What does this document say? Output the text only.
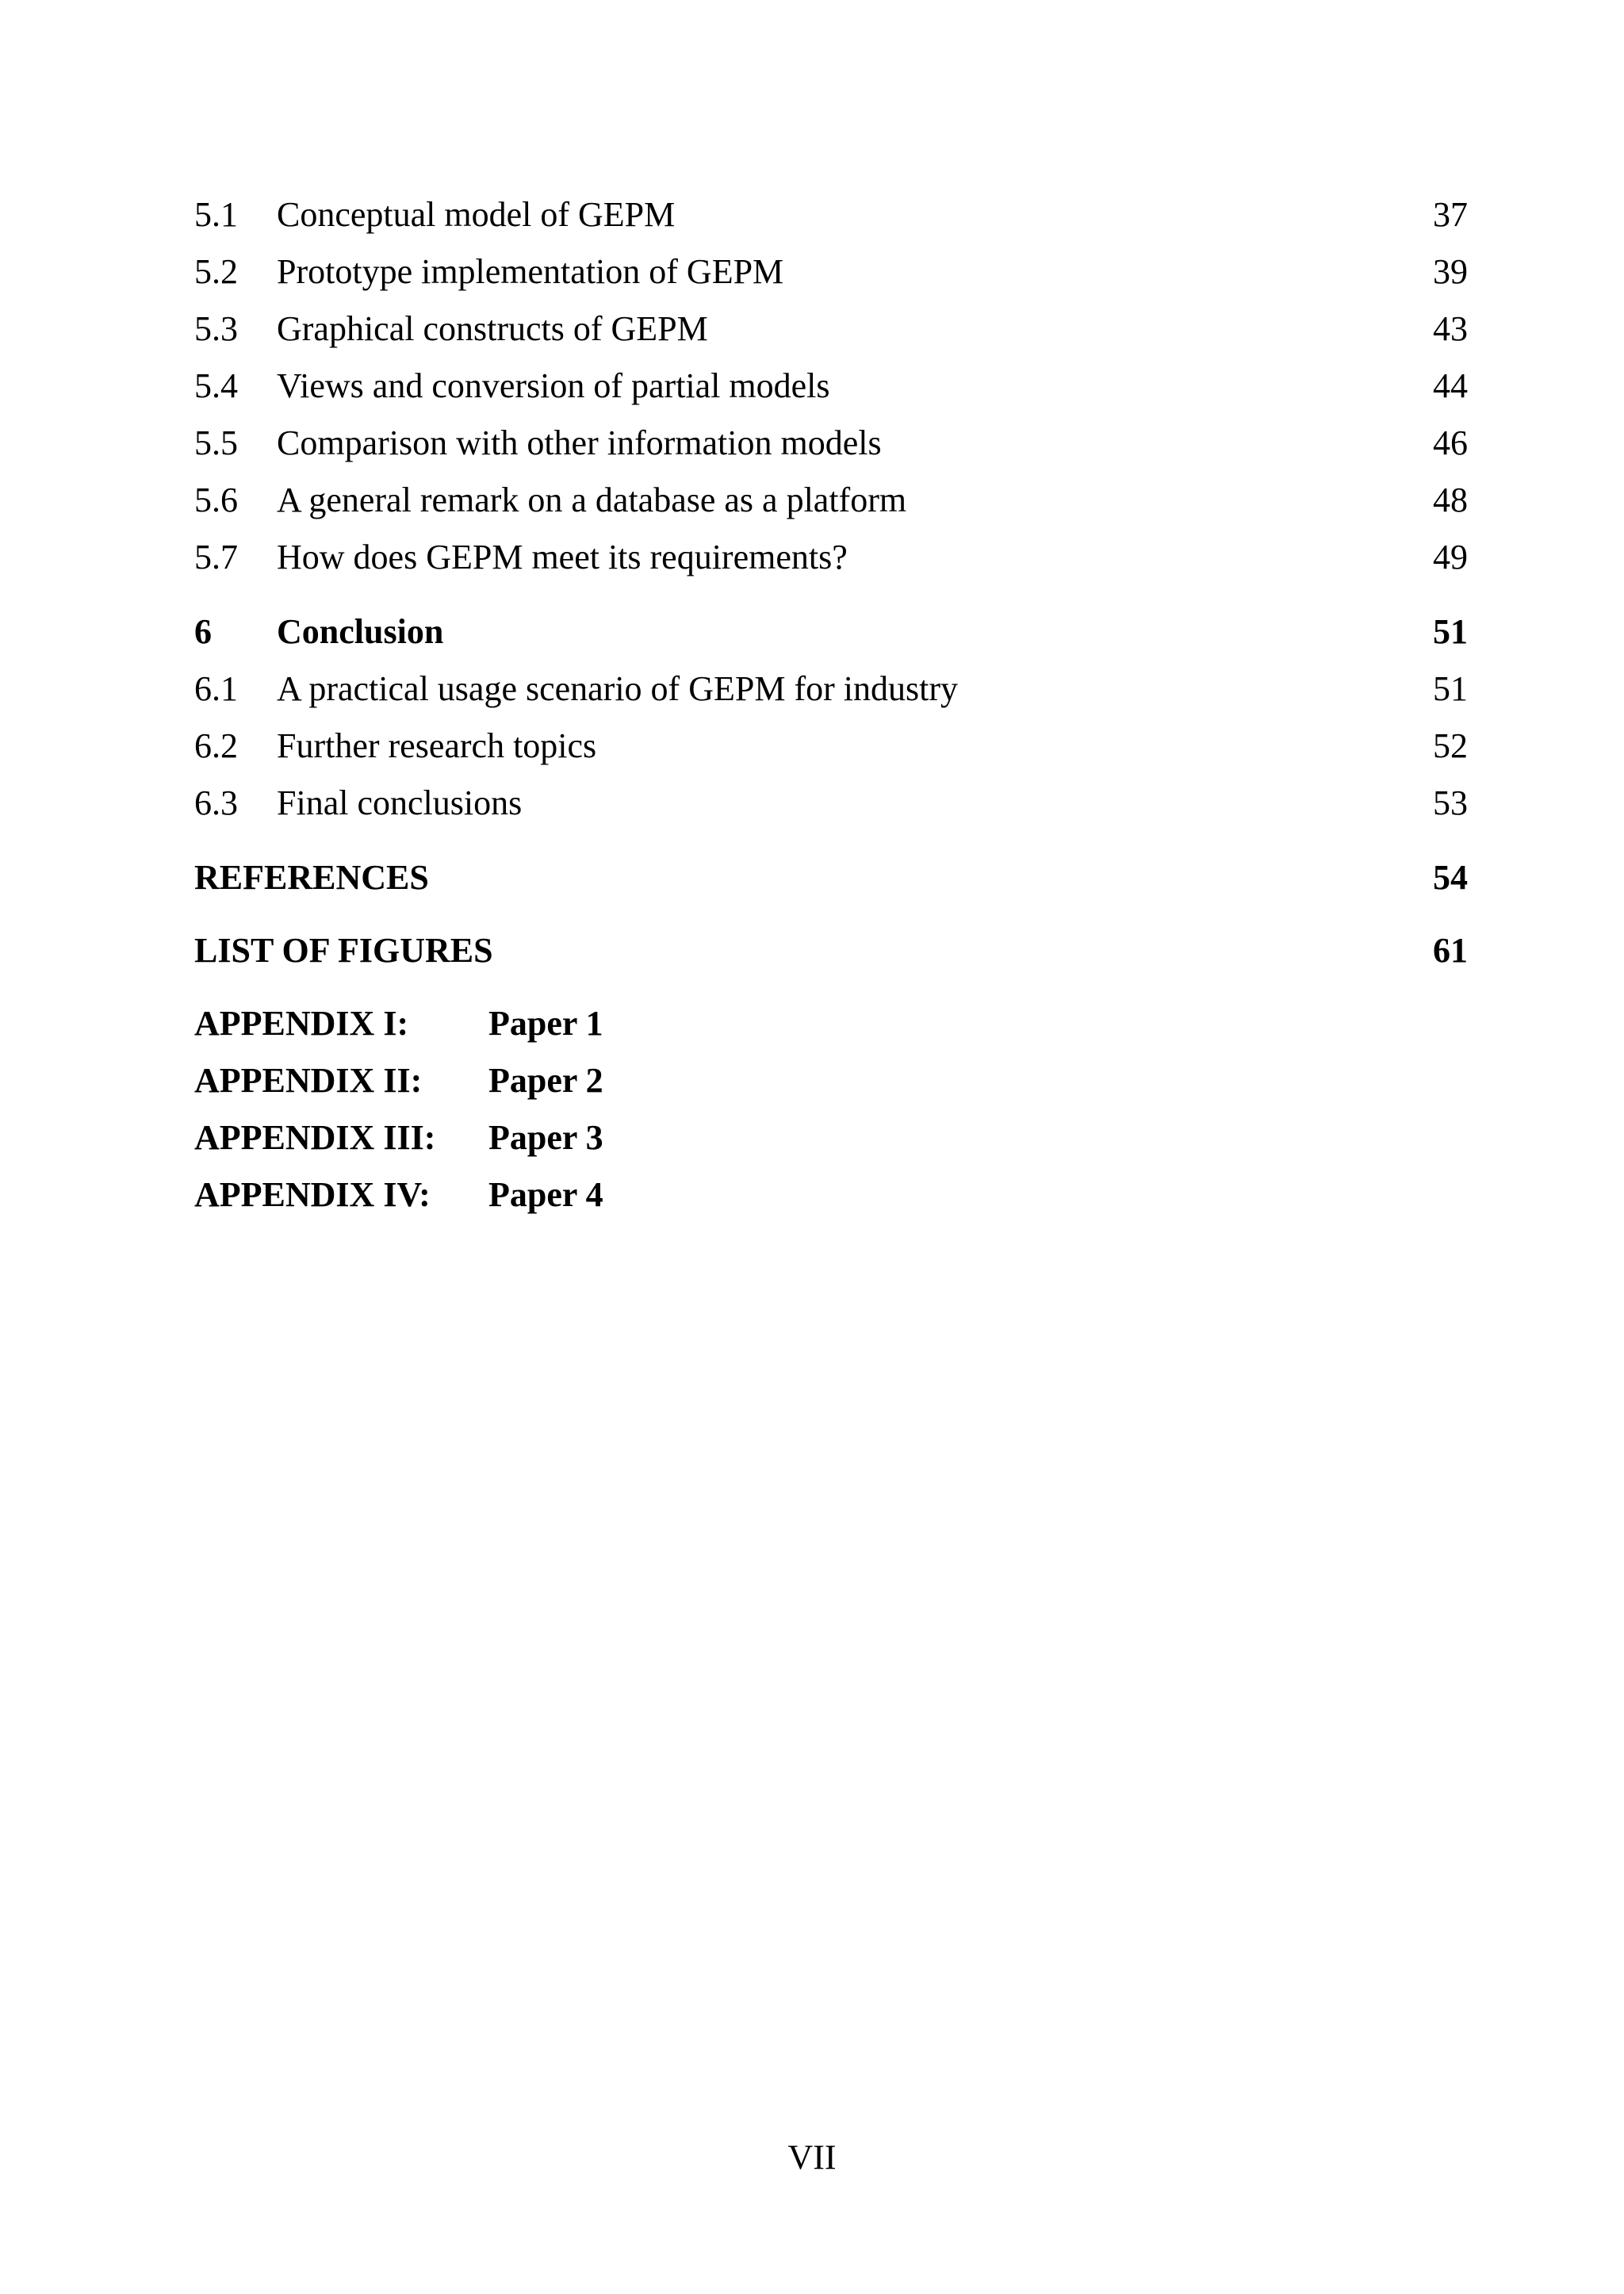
5.1	Conceptual model of GEPM	37
5.2	Prototype implementation of GEPM	39
5.3	Graphical constructs of GEPM	43
5.4	Views and conversion of partial models	44
5.5	Comparison with other information models	46
5.6	A general remark on a database as a platform	48
5.7	How does GEPM meet its requirements?	49
6	Conclusion	51
6.1	A practical usage scenario of GEPM for industry	51
6.2	Further research topics	52
6.3	Final conclusions	53
REFERENCES	54
LIST OF FIGURES	61
APPENDIX I:	Paper 1
APPENDIX II:	Paper 2
APPENDIX III:	Paper 3
APPENDIX IV:	Paper 4
VII
